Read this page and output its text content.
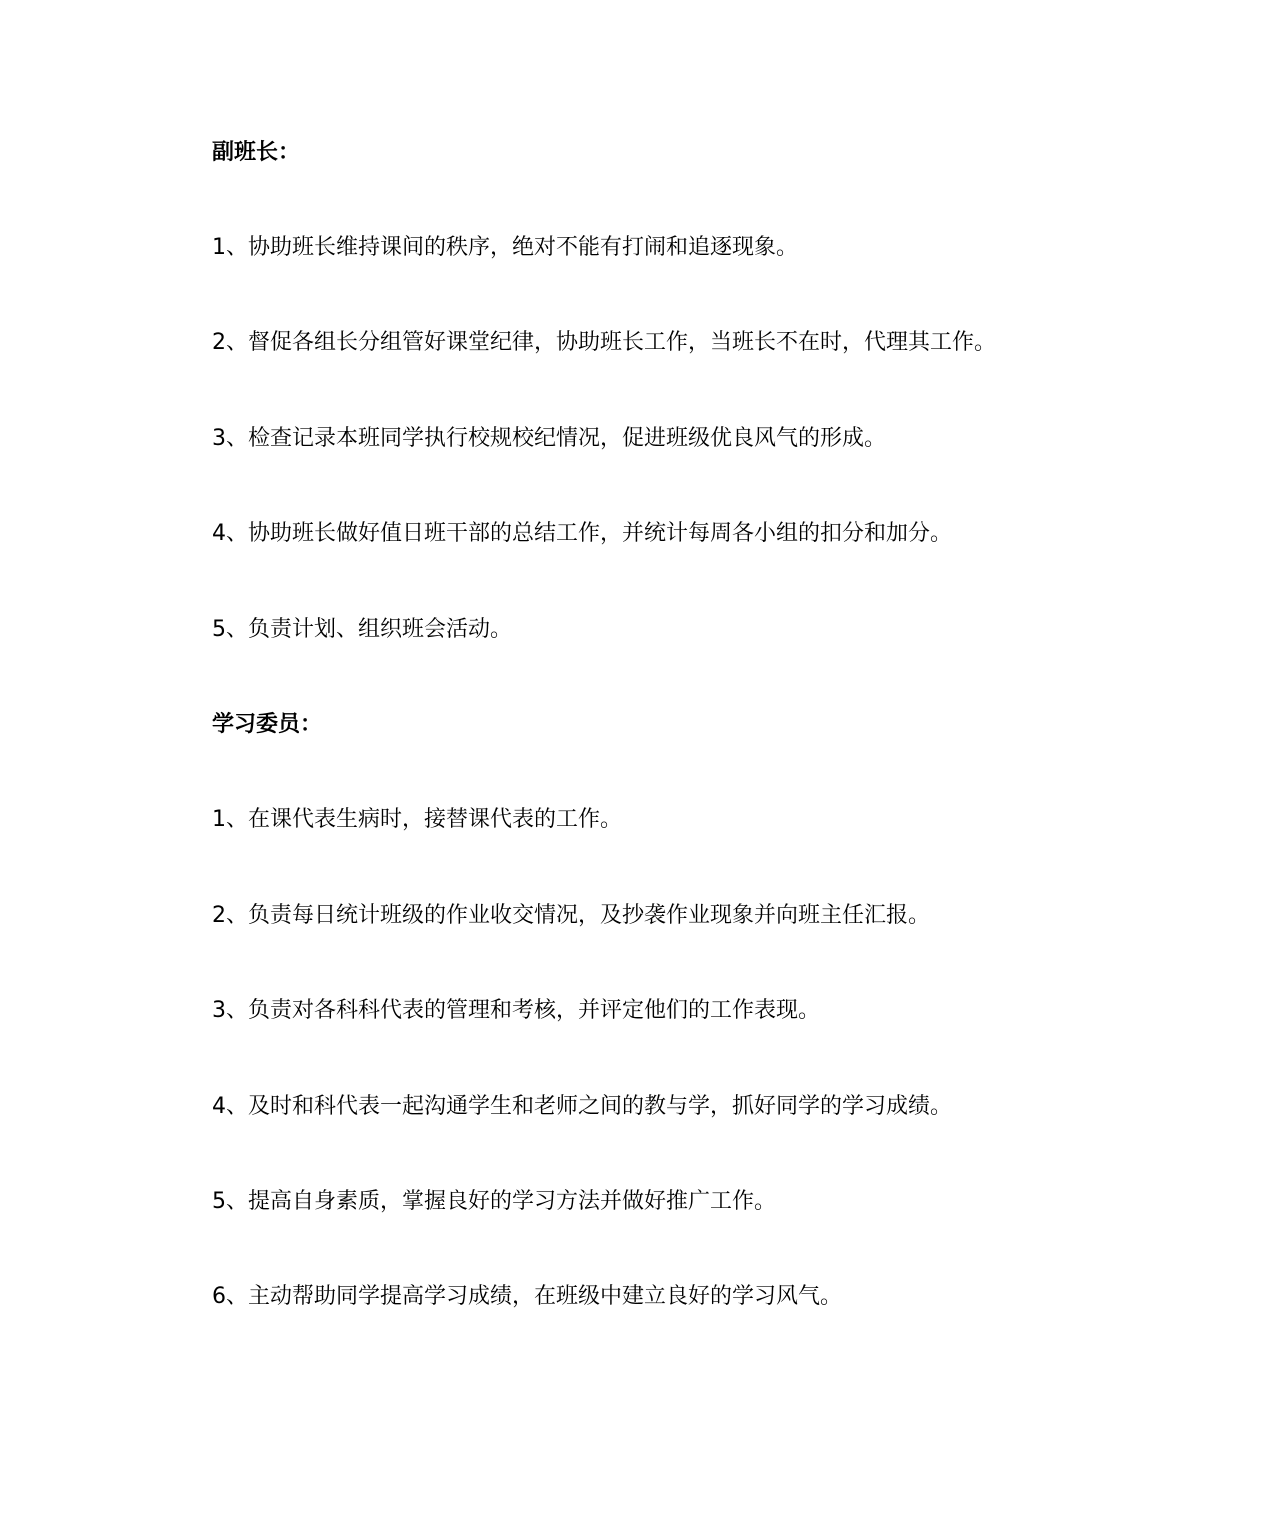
副班长：
1、协助班长维持课间的秩序，绝对不能有打闹和追逐现象。
2、督促各组长分组管好课堂纪律，协助班长工作，当班长不在时，代理其工作。
3、检查记录本班同学执行校规校纪情况，促进班级优良风气的形成。
4、协助班长做好值日班干部的总结工作，并统计每周各小组的扣分和加分。
5、负责计划、组织班会活动。
学习委员：
1、在课代表生病时，接替课代表的工作。
2、负责每日统计班级的作业收交情况，及抄袭作业现象并向班主任汇报。
3、负责对各科科代表的管理和考核，并评定他们的工作表现。
4、及时和科代表一起沟通学生和老师之间的教与学，抓好同学的学习成绩。
5、提高自身素质，掌握良好的学习方法并做好推广工作。
6、主动帮助同学提高学习成绩，在班级中建立良好的学习风气。
